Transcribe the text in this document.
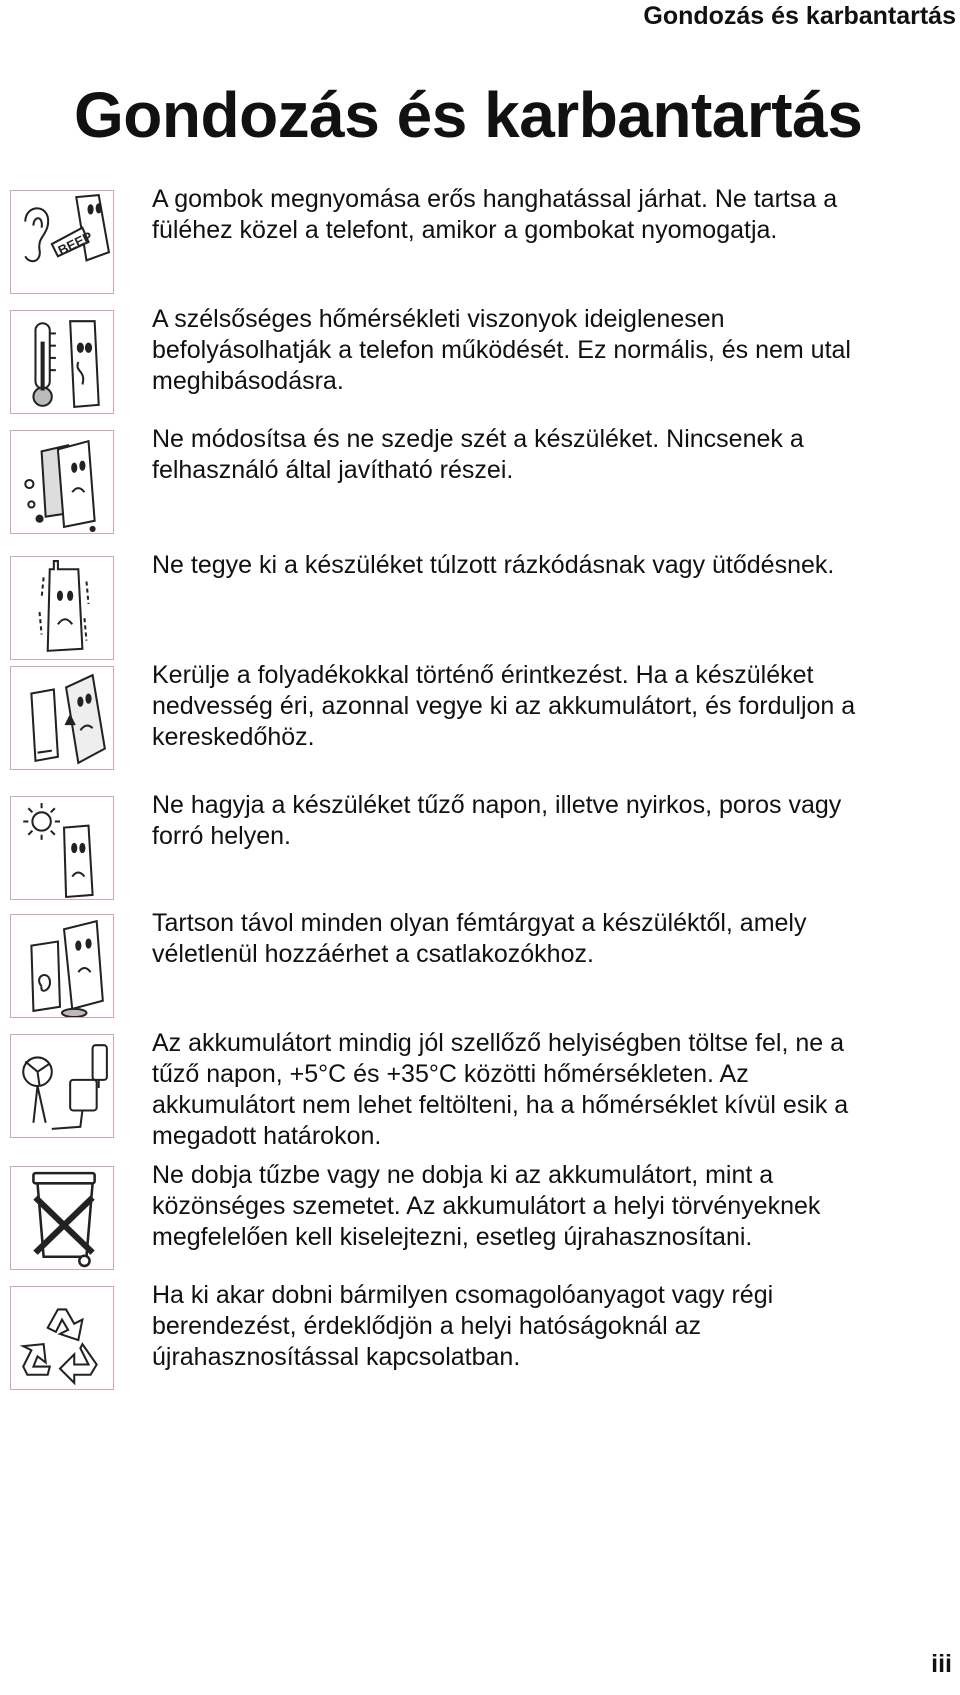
Gondozás és karbantartás
Gondozás és karbantartás
BEEP

A gombok megnyomása erős hanghatással járhat. Ne tartsa a
füléhez közel a telefont, amikor a gombokat nyomogatja.

A szélsőséges hőmérsékleti viszonyok ideiglenesen
befolyásolhatják a telefon működését. Ez normális, és nem utal
meghibásodásra.

Ne módosítsa és ne szedje szét a készüléket. Nincsenek a
felhasználó által javítható részei.

Ne tegye ki a készüléket túlzott rázkódásnak vagy ütődésnek.

Kerülje a folyadékokkal történő érintkezést. Ha a készüléket
nedvesség éri, azonnal vegye ki az akkumulátort, és forduljon a
kereskedőhöz.

Ne hagyja a készüléket tűző napon, illetve nyirkos, poros vagy
forró helyen.

Tartson távol minden olyan fémtárgyat a készüléktől, amely
véletlenül hozzáérhet a csatlakozókhoz.

Az akkumulátort mindig jól szellőző helyiségben töltse fel, ne a
tűző napon, +5°C és +35°C közötti hőmérsékleten. Az
akkumulátort nem lehet feltölteni, ha a hőmérséklet kívül esik a
megadott határokon.

Ne dobja tűzbe vagy ne dobja ki az akkumulátort, mint a
közönséges szemetet. Az akkumulátort a helyi törvényeknek
megfelelően kell kiselejtezni, esetleg újrahasznosítani.

Ha ki akar dobni bármilyen csomagolóanyagot vagy régi
berendezést, érdeklődjön a helyi hatóságoknál az
újrahasznosítással kapcsolatban.

iii
